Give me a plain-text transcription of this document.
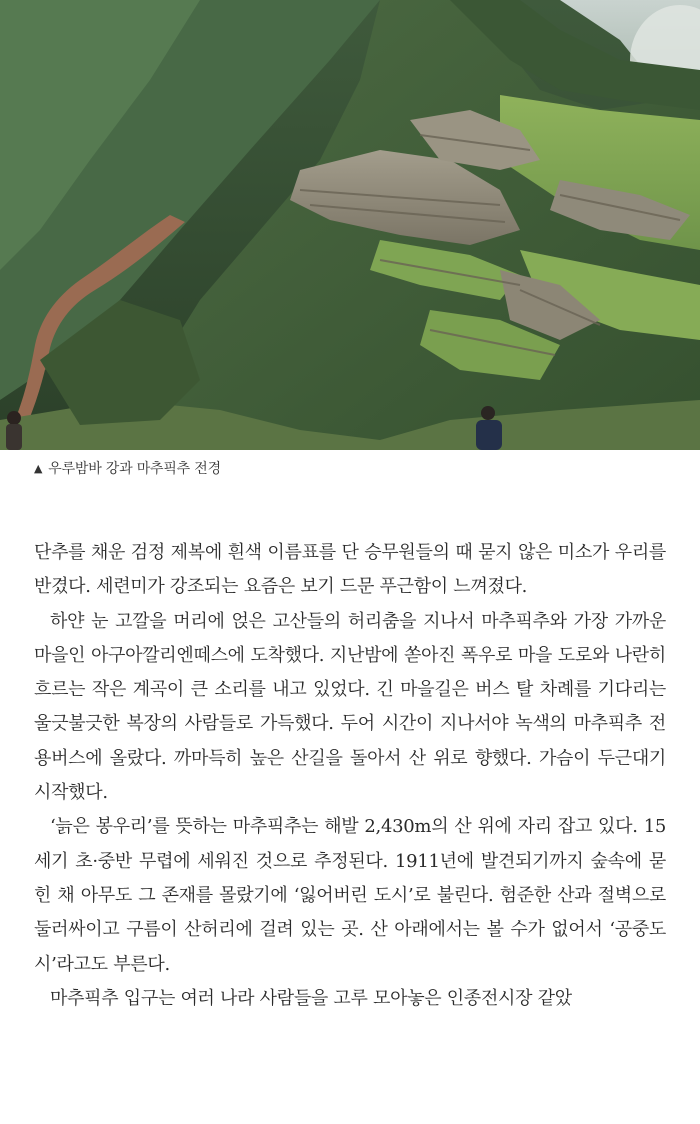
▲ 우루밤바 강과 마추픽추 전경

단추를 채운 검정 제복에 흰색 이름표를 단 승무원들의 때 묻지 않은 미소가 우리를 반겼다. 세련미가 강조되는 요즘은 보기 드문 푸근함이 느껴졌다.

하얀 눈 고깔을 머리에 얹은 고산들의 허리춤을 지나서 마추픽추와 가장 가까운 마을인 아구아깔리엔떼스에 도착했다. 지난밤에 쏟아진 폭우로 마을 도로와 나란히 흐르는 작은 계곡이 큰 소리를 내고 있었다. 긴 마을길은 버스 탈 차례를 기다리는 울긋불긋한 복장의 사람들로 가득했다. 두어 시간이 지나서야 녹색의 마추픽추 전용버스에 올랐다. 까마득히 높은 산길을 돌아서 산 위로 향했다. 가슴이 두근대기 시작했다.

‘늙은 봉우리’를 뜻하는 마추픽추는 해발 2,430m의 산 위에 자리 잡고 있다. 15세기 초·중반 무렵에 세워진 것으로 추정된다. 1911년에 발견되기까지 숲속에 묻힌 채 아무도 그 존재를 몰랐기에 ‘잃어버린 도시’로 불린다. 험준한 산과 절벽으로 둘러싸이고 구름이 산허리에 걸려 있는 곳. 산 아래에서는 볼 수가 없어서 ‘공중도시’라고도 부른다.

마추픽추 입구는 여러 나라 사람들을 고루 모아놓은 인종전시장 같았
